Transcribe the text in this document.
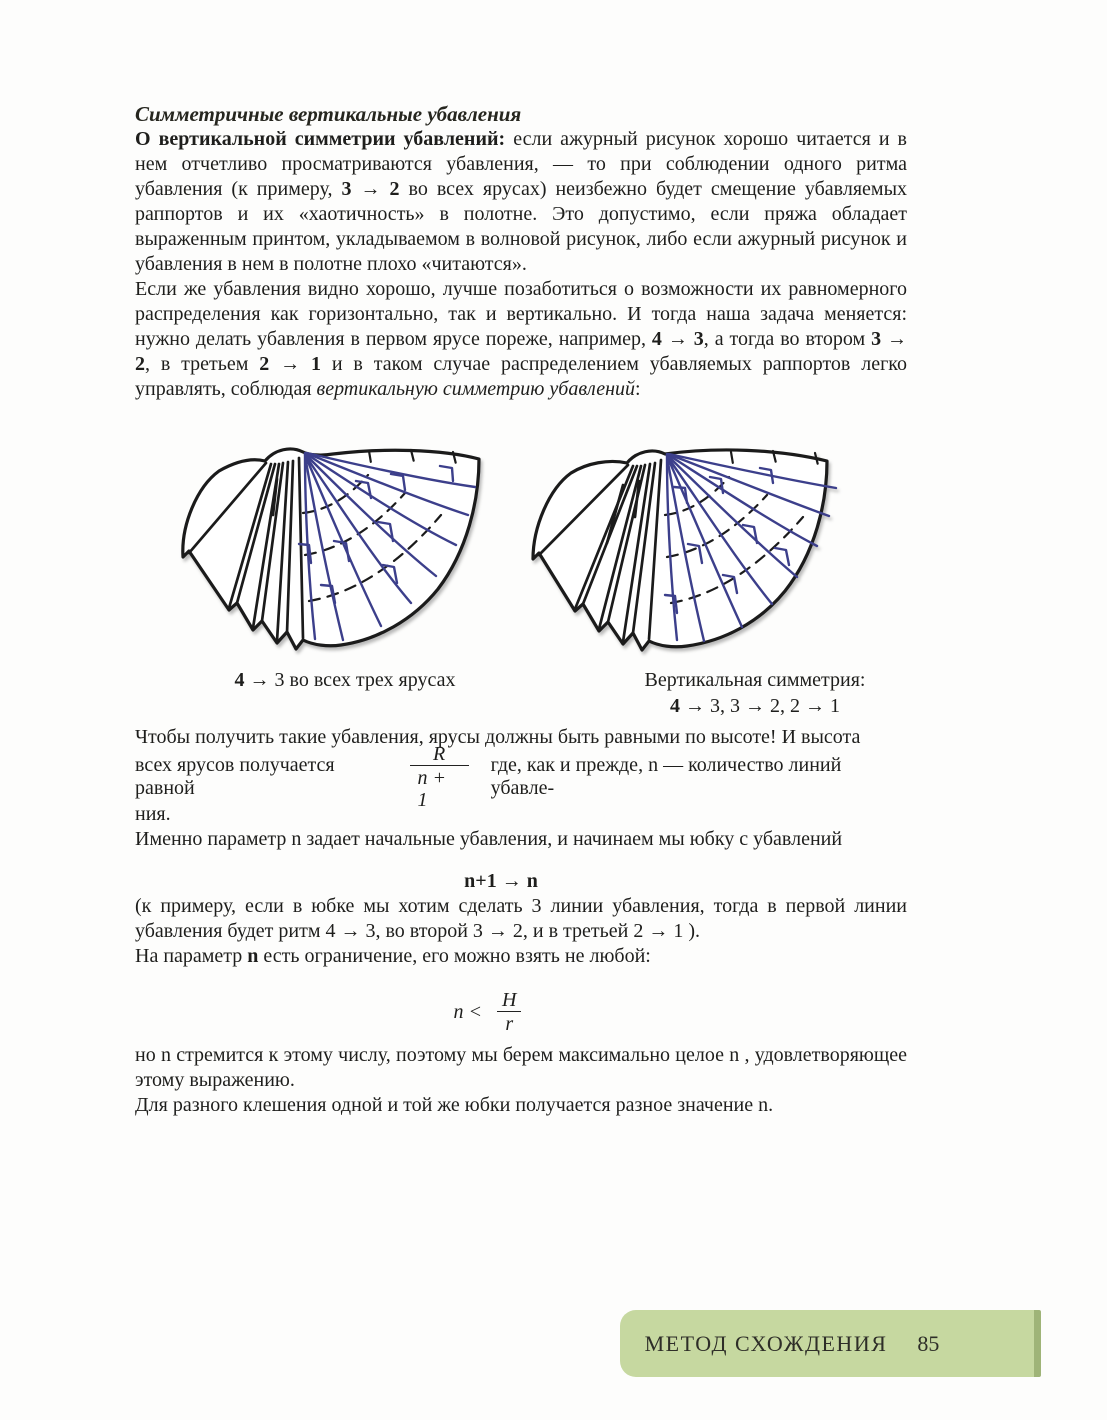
Симметричные вертикальные убавления

О вертикальной симметрии убавлений: если ажурный рисунок хорошо читается и в нем отчетливо просматриваются убавления, — то при соблюдении одного ритма убавления (к примеру, 3 → 2 во всех ярусах) неизбежно будет смещение убавляемых раппортов и их «хаотичность» в полотне. Это допустимо, если пряжа обладает выраженным принтом, укладываемом в волновой рисунок, либо если ажурный рисунок и убавления в нем в полотне плохо «читаются».

Если же убавления видно хорошо, лучше позаботиться о возможности их равномерного распределения как горизонтально, так и вертикально. И тогда наша задача меняется: нужно делать убавления в первом ярусе пореже, например, 4 → 3, а тогда во втором 3 → 2, в третьем 2 → 1 и в таком случае распределением убавляемых раппортов легко управлять, соблюдая вертикальную симметрию убавлений:

4 → 3 во всех трех ярусах	Вертикальная симметрия:
4 → 3, 3 → 2, 2 → 1

Чтобы получить такие убавления, ярусы должны быть равными по высоте! И высота

всех ярусов получается равной	$\frac{R}{n + 1}$ где, как и прежде, n — количество линий убавле-

ния.

Именно параметр n задает начальные убавления, и начинаем мы юбку с убавлений

n+1 → n

(к примеру, если в юбке мы хотим сделать 3 линии убавления, тогда в первой линии убавления будет ритм 4 → 3, во второй 3 → 2, и в третьей 2 → 1 ).

На параметр n есть ограничение, его можно взять не любой:

$n < \frac{H}{r}$

но n стремится к этому числу, поэтому мы берем максимально целое n , удовлетворяющее этому выражению.

Для разного клешения одной и той же юбки получается разное значение n.

МЕТОД СХОЖДЕНИЯ 85
